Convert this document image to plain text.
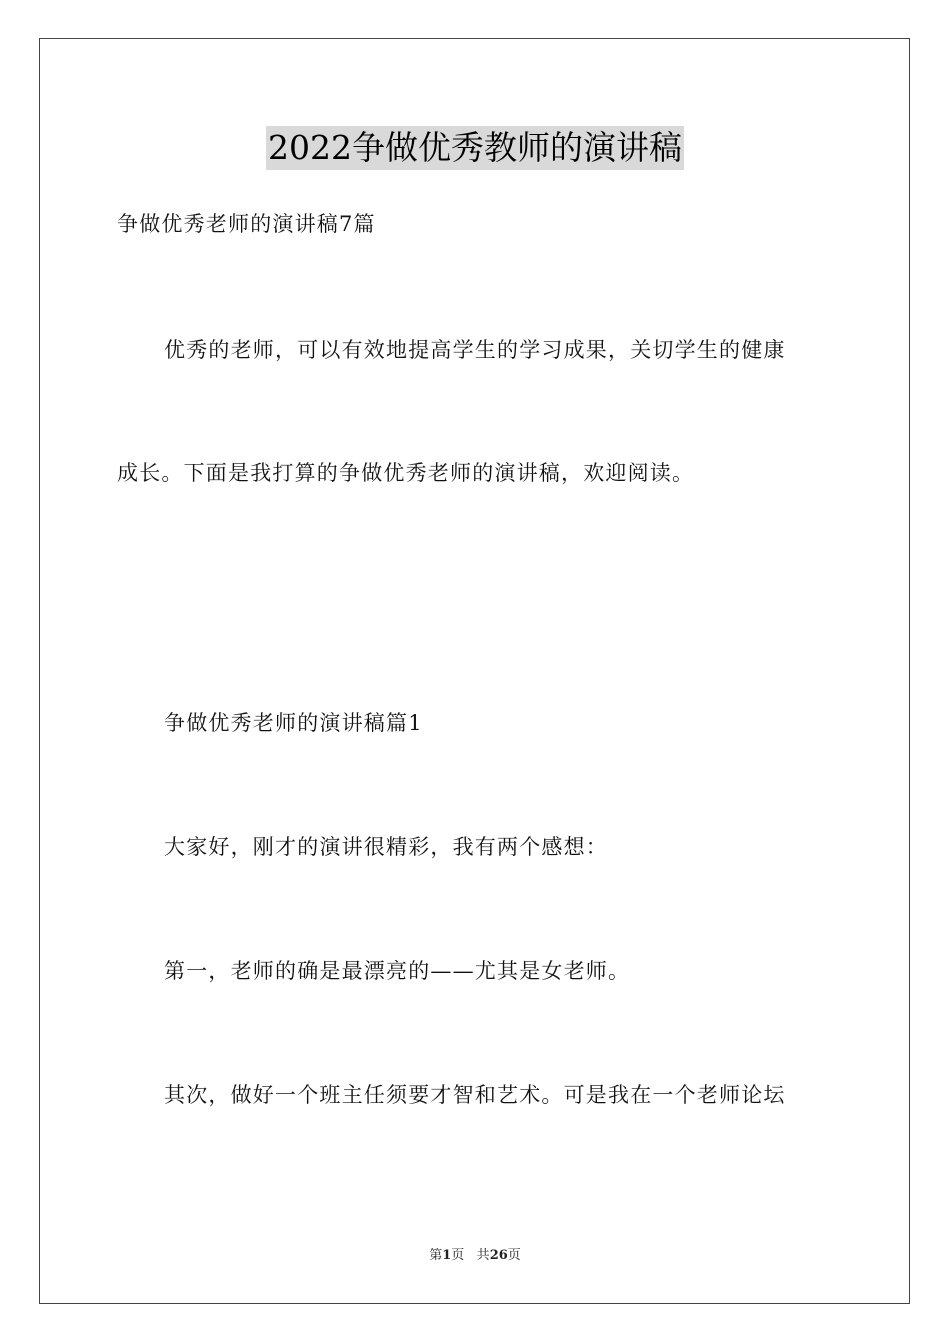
2022争做优秀教师的演讲稿
争做优秀老师的演讲稿7篇
优秀的老师，可以有效地提高学生的学习成果，关切学生的健康
成长。下面是我打算的争做优秀老师的演讲稿，欢迎阅读。
争做优秀老师的演讲稿篇1
大家好，刚才的演讲很精彩，我有两个感想：
第一，老师的确是最漂亮的——尤其是女老师。
其次，做好一个班主任须要才智和艺术。可是我在一个老师论坛
第1页 共26页
